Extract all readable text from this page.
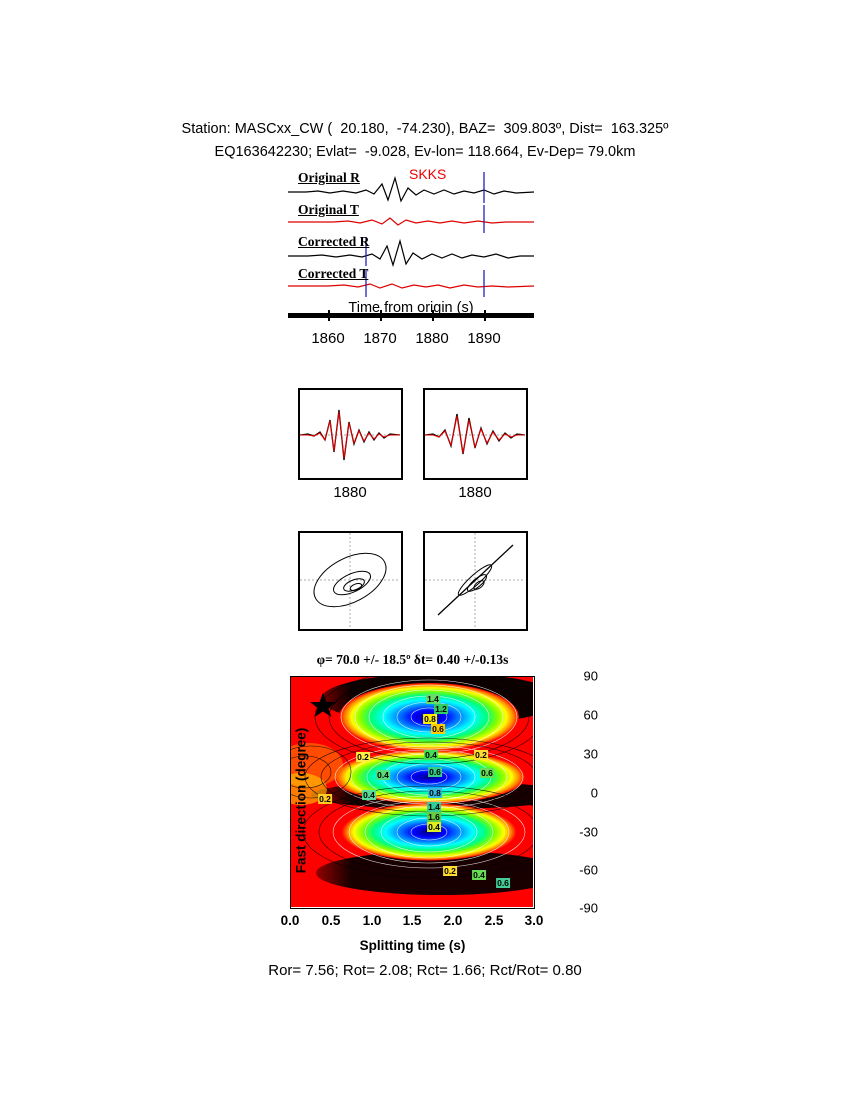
Station: MASCxx_CW (  20.180,  -74.230), BAZ=  309.803º, Dist=  163.325º
EQ163642230; Evlat=  -9.028, Ev-lon= 118.664, Ev-Dep= 79.0km
Original R	SKKS
Original T
Corrected R
Corrected T
Time from origin (s)
1860 1870 1880 1890
1880	1880
φ= 70.0 +/- 18.5º δt= 0.40 +/-0.13s
1.4
1.2
0.8
0.6
0.2	0.4	0.2
0.4	0.6	0.6
0.2	0.4	0.8
1.4
1.6
0.4
0.2 0.4
0.6
90
60
30
0
-30
-60
-90
Fast direction (degree)
0.0 0.5 1.0 1.5 2.0 2.5 3.0
Splitting time (s)
Ror= 7.56; Rot= 2.08; Rct= 1.66; Rct/Rot= 0.80
